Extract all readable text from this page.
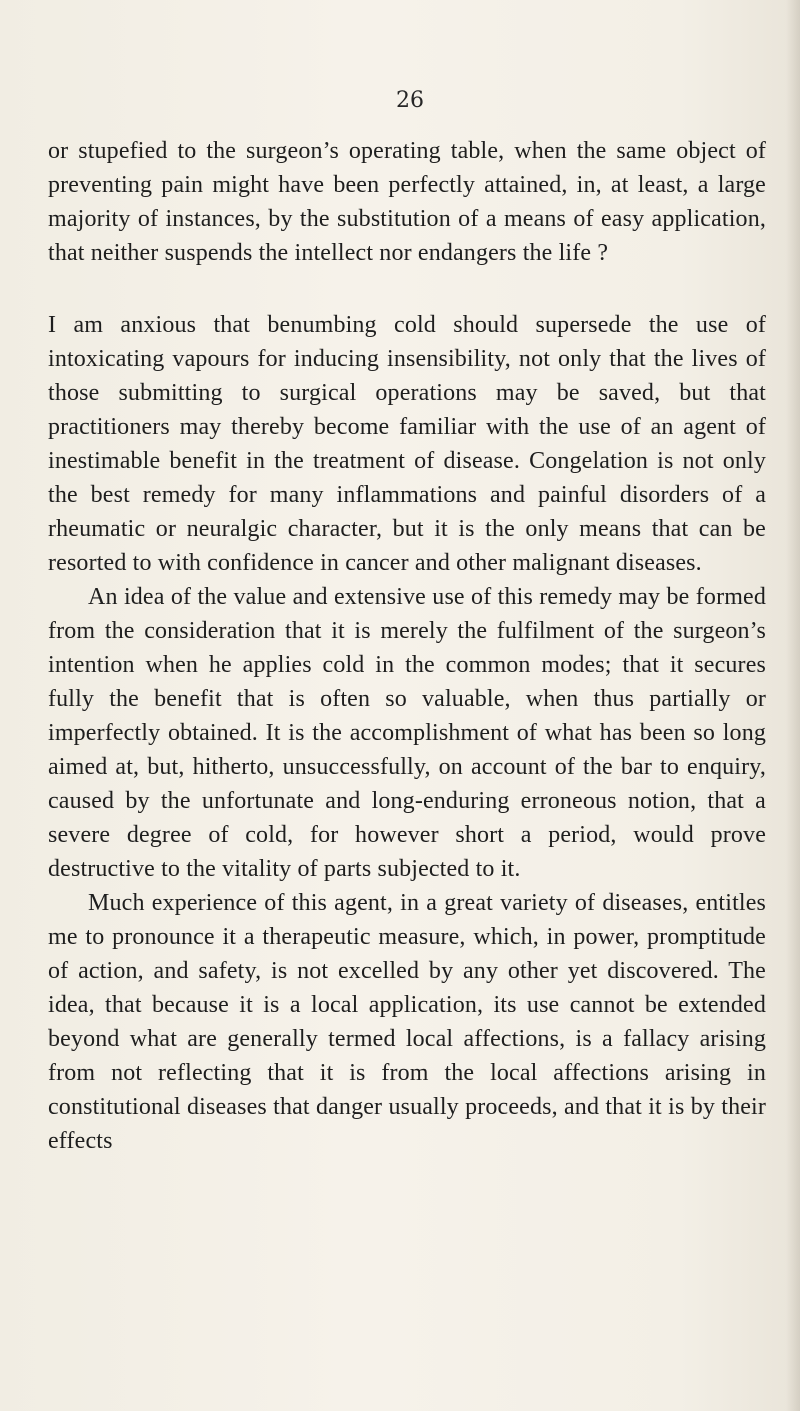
26

or stupefied to the surgeon’s operating table, when the same object of preventing pain might have been perfectly attained, in, at least, a large majority of instances, by the substitution of a means of easy application, that neither suspends the intellect nor endangers the life ?

I am anxious that benumbing cold should supersede the use of intoxicating vapours for inducing insensibility, not only that the lives of those submitting to surgical operations may be saved, but that practitioners may thereby become familiar with the use of an agent of inestimable benefit in the treatment of disease. Congelation is not only the best remedy for many inflammations and painful disorders of a rheumatic or neuralgic character, but it is the only means that can be resorted to with confidence in cancer and other malignant diseases.

An idea of the value and extensive use of this remedy may be formed from the consideration that it is merely the fulfilment of the surgeon’s intention when he applies cold in the common modes; that it secures fully the benefit that is often so valuable, when thus partially or imperfectly obtained. It is the accomplishment of what has been so long aimed at, but, hitherto, unsuccessfully, on account of the bar to enquiry, caused by the unfortunate and long-enduring erroneous notion, that a severe degree of cold, for however short a period, would prove destructive to the vitality of parts subjected to it.

Much experience of this agent, in a great variety of diseases, entitles me to pronounce it a therapeutic measure, which, in power, promptitude of action, and safety, is not excelled by any other yet discovered. The idea, that because it is a local application, its use cannot be extended beyond what are generally termed local affections, is a fallacy arising from not reflecting that it is from the local affections arising in constitutional diseases that danger usually proceeds, and that it is by their effects
